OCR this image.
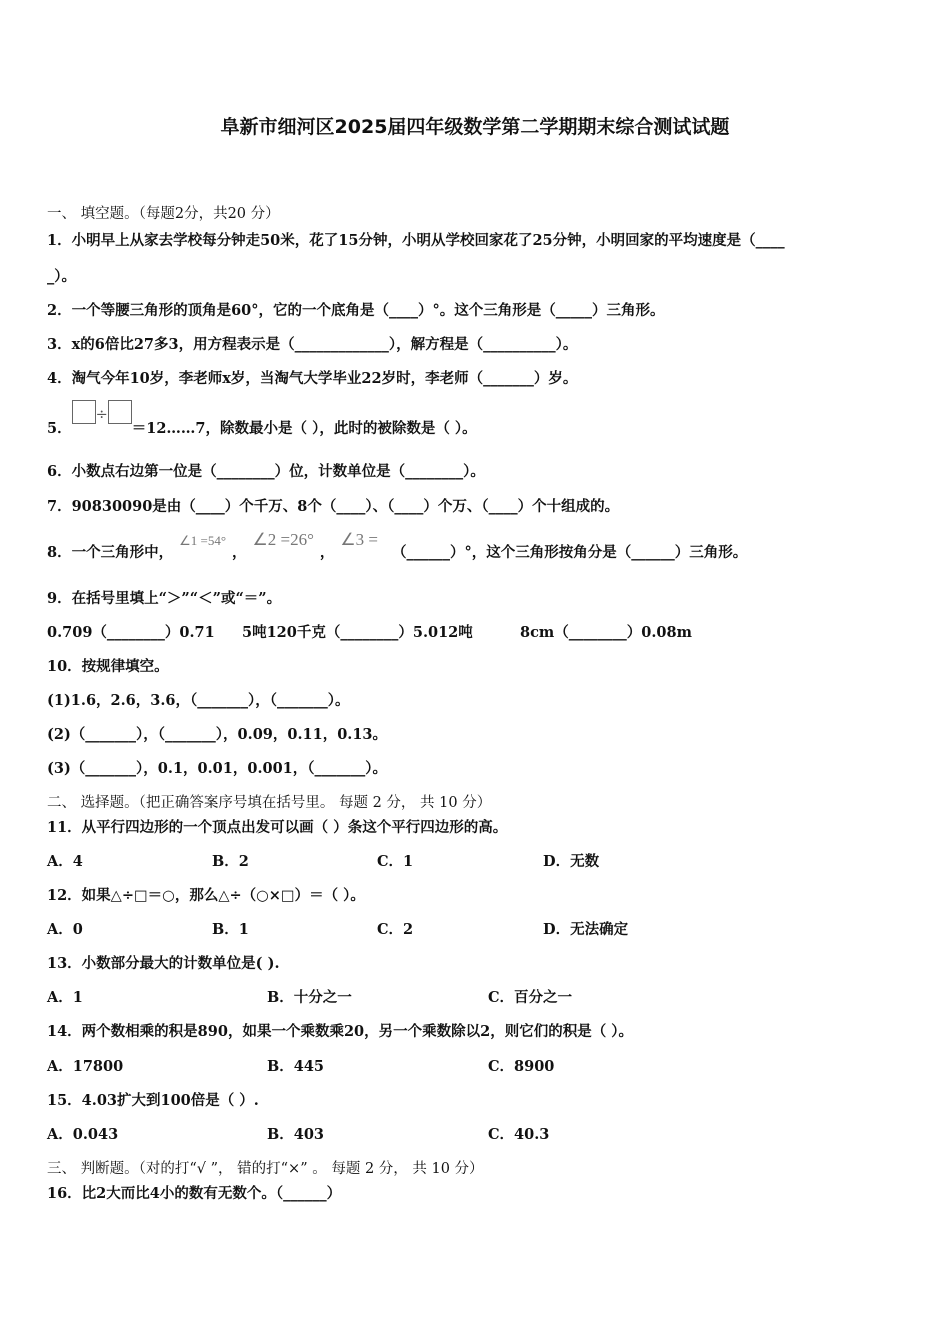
阜新市细河区2025届四年级数学第二学期期末综合测试试题
一、 填空题。（每题2分，共20 分）
1．小明早上从家去学校每分钟走50米，花了15分钟，小明从学校回家花了25分钟，小明回家的平均速度是（____
_）。
2．一个等腰三角形的顶角是60°，它的一个底角是（____）°。这个三角形是（_____）三角形。
3．x的6倍比27多3，用方程表示是（_____________），解方程是（__________）。
4．淘气今年10岁，李老师x岁，当淘气大学毕业22岁时，李老师（_______）岁。
5．÷＝12……7，除数最小是（ ），此时的被除数是（ ）。
6．小数点右边第一位是（________）位，计数单位是（________）。
7．90830090是由（____）个千万、8个（____）、（____）个万、（____）个十组成的。
8．一个三角形中，∠1 =54°，∠2 =26°，∠3 =（______）°，这个三角形按角分是（______）三角形。
9．在括号里填上“＞”“＜”或“＝”。
0.709（________）0.71 5吨120千克（________）5.012吨	8cm（________）0.08m
10．按规律填空。
(1)1.6，2.6，3.6，（_______），（_______）。
(2)（_______），（_______），0.09，0.11，0.13。
(3)（_______），0.1，0.01，0.001，（_______）。
二、 选择题。（把正确答案序号填在括号里。 每题 2 分， 共 10 分）
11．从平行四边形的一个顶点出发可以画（ ）条这个平行四边形的高。
A．4	B．2	C．1	D．无数
12．如果△÷□＝○，那么△÷（○×□）＝（ ）。
A．0	B．1	C．2	D．无法确定
13．小数部分最大的计数单位是( ).
A．1	B．十分之一	C．百分之一
14．两个数相乘的积是890，如果一个乘数乘20，另一个乘数除以2，则它们的积是（ ）。
A．17800	B．445	C．8900
15．4.03扩大到100倍是（ ）.
A．0.043	B．403	C．40.3
三、 判断题。（对的打“√ ”， 错的打“×” 。 每题 2 分， 共 10 分）
16．比2大而比4小的数有无数个。（______）
